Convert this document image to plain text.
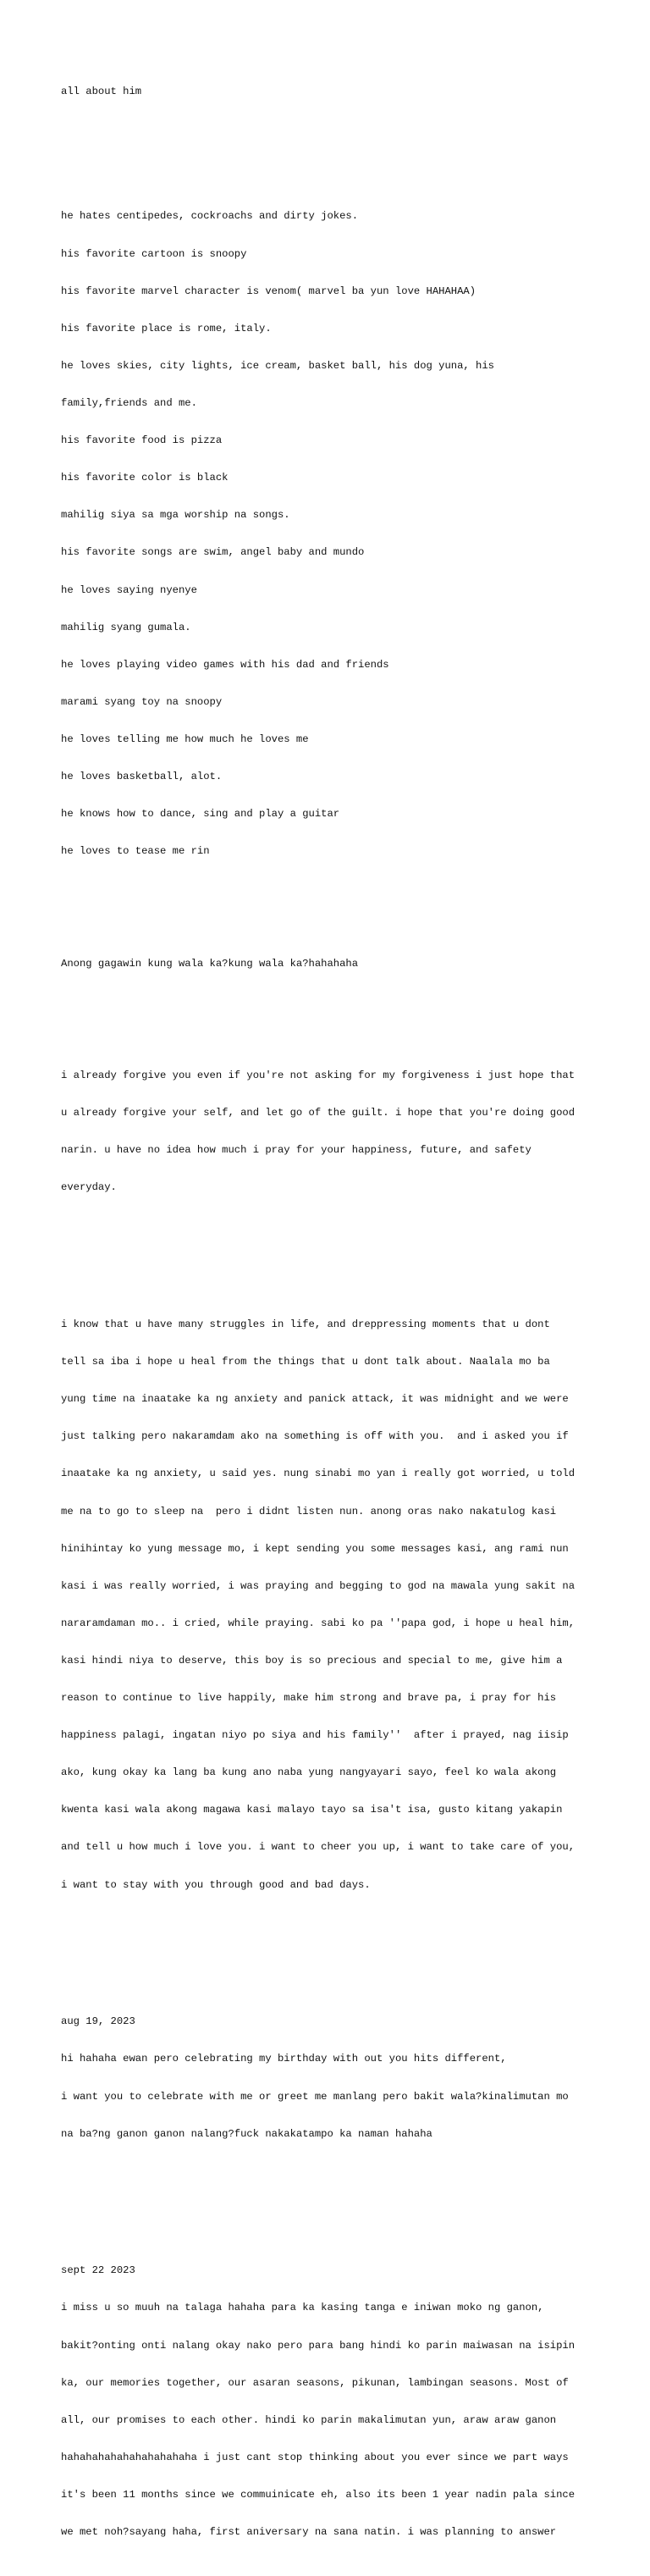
all about him

he hates centipedes, cockroachs and dirty jokes.

his favorite cartoon is snoopy

his favorite marvel character is venom( marvel ba yun love HAHAHAA)

his favorite place is rome, italy.

he loves skies, city lights, ice cream, basket ball, his dog yuna, his

family,friends and me.

his favorite food is pizza

his favorite color is black

mahilig siya sa mga worship na songs.

his favorite songs are swim, angel baby and mundo

he loves saying nyenye

mahilig syang gumala.

he loves playing video games with his dad and friends

marami syang toy na snoopy

he loves telling me how much he loves me

he loves basketball, alot.

he knows how to dance, sing and play a guitar

he loves to tease me rin

Anong gagawin kung wala ka?kung wala ka?hahahaha

i already forgive you even if you're not asking for my forgiveness i just hope that

u already forgive your self, and let go of the guilt. i hope that you're doing good

narin. u have no idea how much i pray for your happiness, future, and safety

everyday.

i know that u have many struggles in life, and dreppressing moments that u dont

tell sa iba i hope u heal from the things that u dont talk about. Naalala mo ba

yung time na inaatake ka ng anxiety and panick attack, it was midnight and we were

just talking pero nakaramdam ako na something is off with you.  and i asked you if

inaatake ka ng anxiety, u said yes. nung sinabi mo yan i really got worried, u told

me na to go to sleep na  pero i didnt listen nun. anong oras nako nakatulog kasi

hinihintay ko yung message mo, i kept sending you some messages kasi, ang rami nun

kasi i was really worried, i was praying and begging to god na mawala yung sakit na

nararamdaman mo.. i cried, while praying. sabi ko pa ''papa god, i hope u heal him,

kasi hindi niya to deserve, this boy is so precious and special to me, give him a

reason to continue to live happily, make him strong and brave pa, i pray for his

happiness palagi, ingatan niyo po siya and his family''  after i prayed, nag iisip

ako, kung okay ka lang ba kung ano naba yung nangyayari sayo, feel ko wala akong

kwenta kasi wala akong magawa kasi malayo tayo sa isa't isa, gusto kitang yakapin

and tell u how much i love you. i want to cheer you up, i want to take care of you,

i want to stay with you through good and bad days.

aug 19, 2023

hi hahaha ewan pero celebrating my birthday with out you hits different,

i want you to celebrate with me or greet me manlang pero bakit wala?kinalimutan mo

na ba?ng ganon ganon nalang?fuck nakakatampo ka naman hahaha

sept 22 2023

i miss u so muuh na talaga hahaha para ka kasing tanga e iniwan moko ng ganon,

bakit?onting onti nalang okay nako pero para bang hindi ko parin maiwasan na isipin

ka, our memories together, our asaran seasons, pikunan, lambingan seasons. Most of

all, our promises to each other. hindi ko parin makalimutan yun, araw araw ganon

hahahahahahahahahahaha i just cant stop thinking about you ever since we part ways

it's been 11 months since we commuinicate eh, also its been 1 year nadin pala since

we met noh?sayang haha, first aniversary na sana natin. i was planning to answer
